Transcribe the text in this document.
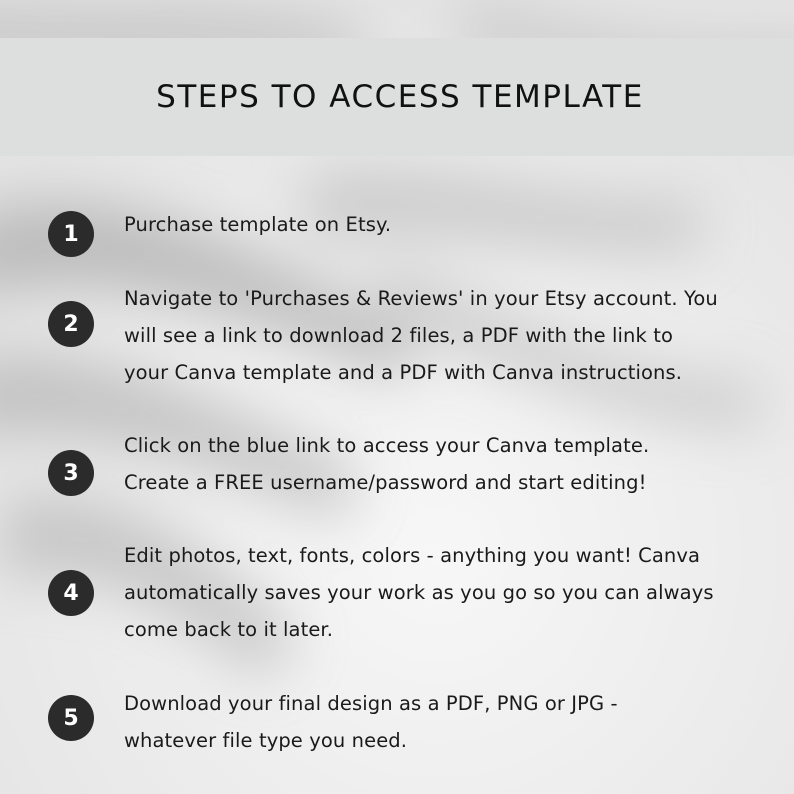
STEPS TO ACCESS TEMPLATE
1	Purchase template on Etsy.

2

Navigate to 'Purchases & Reviews' in your Etsy account. You
will see a link to download 2 files, a PDF with the link to
your Canva template and a PDF with Canva instructions.

3

Click on the blue link to access your Canva template.
Create a FREE username/password and start editing!

4

Edit photos, text, fonts, colors - anything you want! Canva
automatically saves your work as you go so you can always
come back to it later.

5

Download your final design as a PDF, PNG or JPG -
whatever file type you need.
